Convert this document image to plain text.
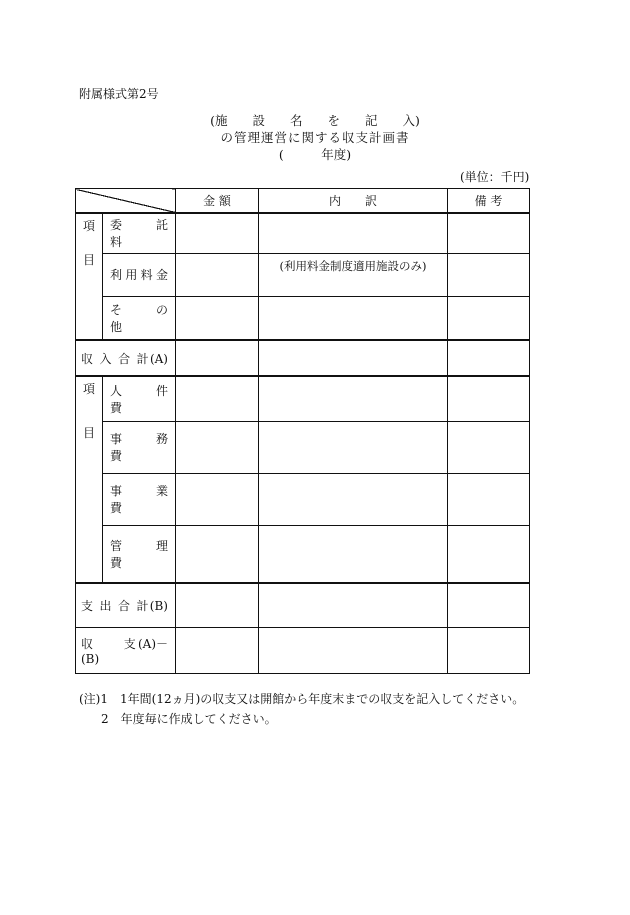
附属様式第2号
(施　　設　　名　　を　　記　　入)
の管理運営に関する収支計画書
(　　　年度)
(単位：千円)
		金 額	内　　訳	備 考

項
目	委　託　料			
	利用料金		(利用料金制度適用施設のみ)	
	そ　の　他			
収 入 合 計(A)				

項
目	人　件　費			
	事　務　費			
	事　業　費			
	管　理　費			
支 出 合 計(B)				
収　　支(A)－(B)				
(注)1　1年間(12ヵ月)の収支又は開館から年度末までの収支を記入してください。
2　年度毎に作成してください。
